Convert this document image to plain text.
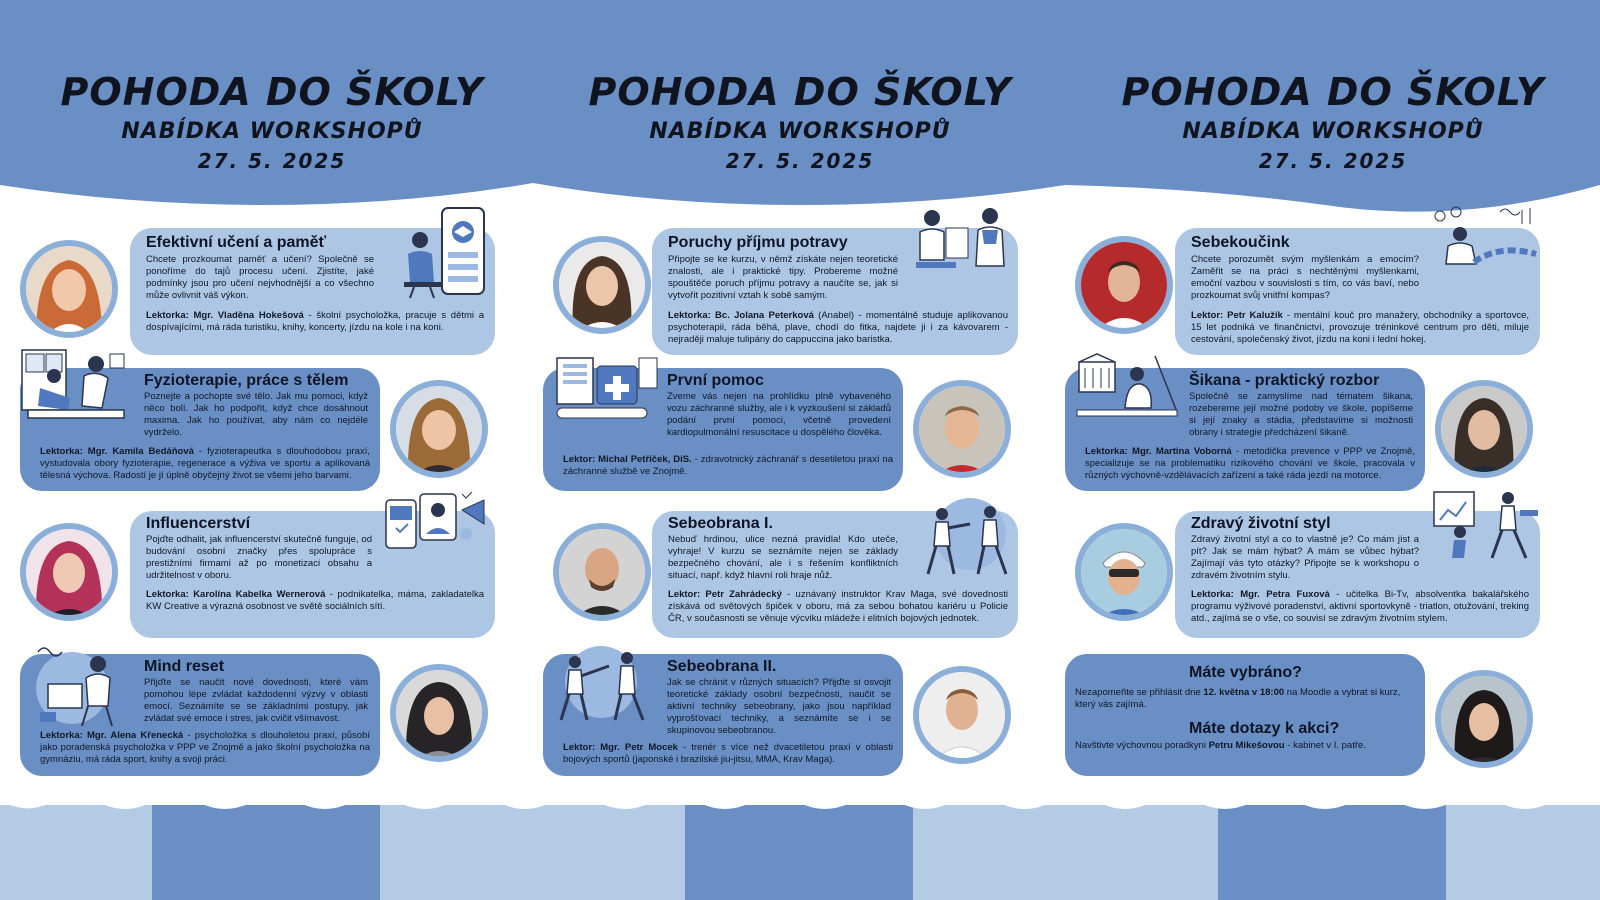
POHODA DO ŠKOLY
NABÍDKA WORKSHOPŮ
27. 5. 2025
POHODA DO ŠKOLY
NABÍDKA WORKSHOPŮ
27. 5. 2025
POHODA DO ŠKOLY
NABÍDKA WORKSHOPŮ
27. 5. 2025
Efektivní učení a paměť
Chcete prozkoumat paměť a učení? Společně se ponoříme do tajů procesu učení. Zjistíte, jaké podmínky jsou pro učení nejvhodnější a co všechno může ovlivnit váš výkon.
Lektorka: Mgr. Vladěna Hokešová - školní psycholožka, pracuje s dětmi a dospívajícími, má ráda turistiku, knihy, koncerty, jízdu na kole i na koni.
Fyzioterapie, práce s tělem
Poznejte a pochopte své tělo. Jak mu pomoci, když něco bolí. Jak ho podpořit, když chce dosáhnout maxima. Jak ho používat, aby nám co nejdéle vydrželo.
Lektorka: Mgr. Kamila Bedáňová - fyzioterapeutka s dlouhodobou praxí, vystudovala obory fyzioterapie, regenerace a výživa ve sportu a aplikovaná tělesná výchova. Radostí je jí úplně obyčejný život se všemi jeho barvami.
Influencerství
Pojďte odhalit, jak influencerství skutečně funguje, od budování osobní značky přes spolupráce s prestižními firmami až po monetizaci obsahu a udržitelnost v oboru.
Lektorka: Karolína Kabelka Wernerová - podnikatelka, máma, zakladatelka KW Creative a výrazná osobnost ve světě sociálních sítí.
Mind reset
Přijďte se naučit nové dovednosti, které vám pomohou lépe zvládat každodenní výzvy v oblasti emocí. Seznámíte se se základními postupy, jak zvládat své emoce i stres, jak cvičit všímavost.
Lektorka: Mgr. Alena Křenecká - psycholožka s dlouholetou praxí, působí jako poradenská psycholožka v PPP ve Znojmě a jako školní psycholožka na gymnáziu, má ráda sport, knihy a svoji práci.
Poruchy příjmu potravy
Připojte se ke kurzu, v němž získáte nejen teoretické znalosti, ale i praktické tipy. Probereme možné spouštěče poruch příjmu potravy a naučíte se, jak si vytvořit pozitivní vztah k sobě samým.
Lektorka: Bc. Jolana Peterková (Anabel) - momentálně studuje aplikovanou psychoterapii, ráda běhá, plave, chodí do fitka, najdete ji i za kávovarem - nejraději maluje tulipány do cappuccina jako baristka.
První pomoc
Zveme vás nejen na prohlídku plně vybaveného vozu záchranné služby, ale i k vyzkoušení si základů podání první pomoci, včetně provedení kardiopulmonální resuscitace u dospělého člověka.
Lektor: Michal Petříček, DiS. - zdravotnický záchranář s desetiletou praxí na záchranné službě ve Znojmě.
Sebeobrana I.
Nebuď hrdinou, ulice nezná pravidla! Kdo uteče, vyhraje! V kurzu se seznámíte nejen se základy bezpečného chování, ale i s řešením konfliktních situací, např. když hlavní roli hraje nůž.
Lektor: Petr Zahrádecký - uznávaný instruktor Krav Maga, své dovednosti získává od světových špiček v oboru, má za sebou bohatou kariéru u Policie ČR, v současnosti se věnuje výcviku mládeže i elitních bojových jednotek.
Sebeobrana II.
Jak se chránit v různých situacích? Přijďte si osvojit teoretické základy osobní bezpečnosti, naučit se aktivní techniky sebeobrany, jako jsou například vyprošťovací techniky, a seznámíte se i se skupinovou sebeobranou.
Lektor: Mgr. Petr Mocek - trenér s více než dvacetiletou praxí v oblasti bojových sportů (japonské i brazilské jiu-jitsu, MMA, Krav Maga).
Sebekoučink
Chcete porozumět svým myšlenkám a emocím? Zaměřit se na práci s nechtěnými myšlenkami, emoční vazbou v souvislosti s tím, co vás baví, nebo prozkoumat svůj vnitřní kompas?
Lektor: Petr Kalužík - mentální kouč pro manažery, obchodníky a sportovce, 15 let podniká ve finančnictví, provozuje tréninkové centrum pro děti, miluje cestování, společenský život, jízdu na koni i lední hokej.
Šikana - praktický rozbor
Společně se zamyslíme nad tématem šikana, rozebereme její možné podoby ve škole, popíšeme si její znaky a stádia, představíme si možnosti obrany i strategie předcházení šikaně.
Lektorka: Mgr. Martina Voborná - metodička prevence v PPP ve Znojmě, specializuje se na problematiku rizikového chování ve škole, pracovala v různých výchovně-vzdělávacích zařízení a také ráda jezdí na motorce.
Zdravý životní styl
Zdravý životní styl a co to vlastně je? Co mám jíst a pít? Jak se mám hýbat? A mám se vůbec hýbat? Zajímají vás tyto otázky? Připojte se k workshopu o zdravém životním stylu.
Lektorka: Mgr. Petra Fuxová - učitelka Bi-Tv, absolventka bakalářského programu výživové poradenství, aktivní sportovkyně - triatlon, otužování, treking atd., zajímá se o vše, co souvisí se zdravým životním stylem.
Máte vybráno?
Nezapomeňte se přihlásit dne 12. května v 18:00 na Moodle a vybrat si kurz, který vás zajímá.
Máte dotazy k akci?
Navštivte výchovnou poradkyni Petru Mikešovou - kabinet v I. patře.
